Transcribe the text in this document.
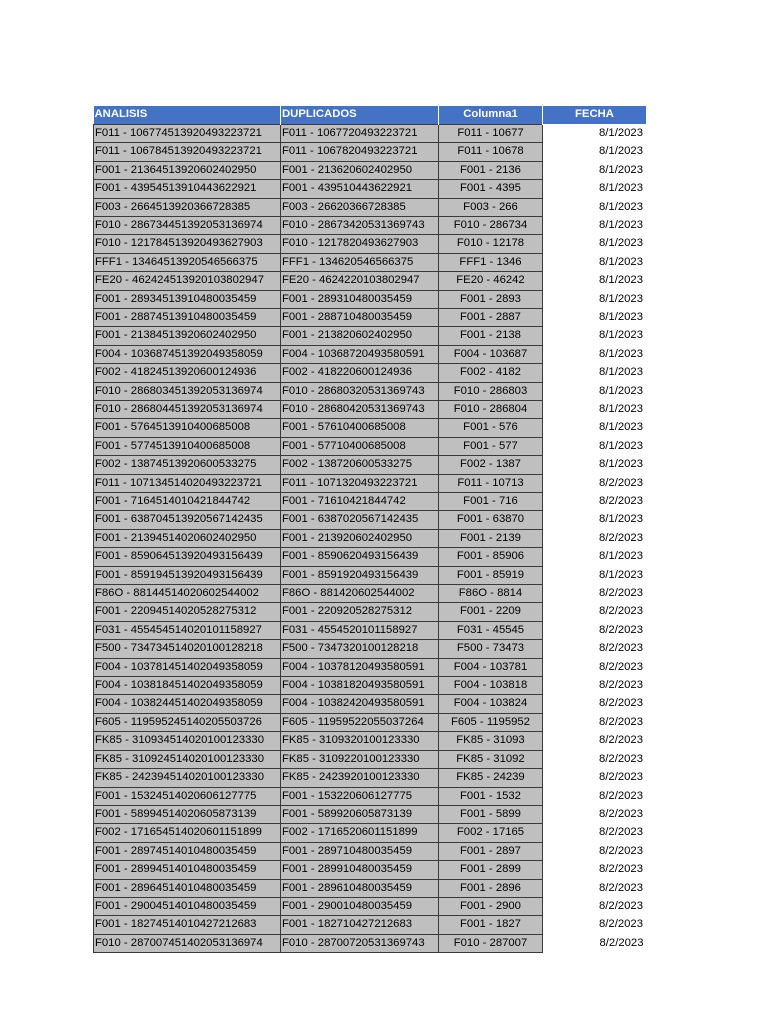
ANALISIS	DUPLICADOS	Columna1	FECHA
F011 - 106774513920493223721	F011 - 1067720493223721	F011 - 10677	8/1/2023
F011 - 106784513920493223721	F011 - 1067820493223721	F011 - 10678	8/1/2023
F001 - 21364513920602402950	F001 - 213620602402950	F001 - 2136	8/1/2023
F001 - 43954513910443622921	F001 - 439510443622921	F001 - 4395	8/1/2023
F003 - 2664513920366728385	F003 - 26620366728385	F003 - 266	8/1/2023
F010 - 286734451392053136974	F010 - 28673420531369743	F010 - 286734	8/1/2023
F010 - 121784513920493627903	F010 - 1217820493627903	F010 - 12178	8/1/2023
FFF1 - 13464513920546566375	FFF1 - 134620546566375	FFF1 - 1346	8/1/2023
FE20 - 462424513920103802947	FE20 - 4624220103802947	FE20 - 46242	8/1/2023
F001 - 28934513910480035459	F001 - 289310480035459	F001 - 2893	8/1/2023
F001 - 28874513910480035459	F001 - 288710480035459	F001 - 2887	8/1/2023
F001 - 21384513920602402950	F001 - 213820602402950	F001 - 2138	8/1/2023
F004 - 103687451392049358059	F004 - 10368720493580591	F004 - 103687	8/1/2023
F002 - 41824513920600124936	F002 - 418220600124936	F002 - 4182	8/1/2023
F010 - 286803451392053136974	F010 - 28680320531369743	F010 - 286803	8/1/2023
F010 - 286804451392053136974	F010 - 28680420531369743	F010 - 286804	8/1/2023
F001 - 5764513910400685008	F001 - 57610400685008	F001 - 576	8/1/2023
F001 - 5774513910400685008	F001 - 57710400685008	F001 - 577	8/1/2023
F002 - 13874513920600533275	F002 - 138720600533275	F002 - 1387	8/1/2023
F011 - 107134514020493223721	F011 - 1071320493223721	F011 - 10713	8/2/2023
F001 - 7164514010421844742	F001 - 71610421844742	F001 - 716	8/2/2023
F001 - 638704513920567142435	F001 - 6387020567142435	F001 - 63870	8/1/2023
F001 - 21394514020602402950	F001 - 213920602402950	F001 - 2139	8/2/2023
F001 - 859064513920493156439	F001 - 8590620493156439	F001 - 85906	8/1/2023
F001 - 859194513920493156439	F001 - 8591920493156439	F001 - 85919	8/1/2023
F86O - 88144514020602544002	F86O - 881420602544002	F86O - 8814	8/2/2023
F001 - 22094514020528275312	F001 - 220920528275312	F001 - 2209	8/2/2023
F031 - 455454514020101158927	F031 - 4554520101158927	F031 - 45545	8/2/2023
F500 - 734734514020100128218	F500 - 7347320100128218	F500 - 73473	8/2/2023
F004 - 103781451402049358059	F004 - 10378120493580591	F004 - 103781	8/2/2023
F004 - 103818451402049358059	F004 - 10381820493580591	F004 - 103818	8/2/2023
F004 - 103824451402049358059	F004 - 10382420493580591	F004 - 103824	8/2/2023
F605 - 119595245140205503726	F605 - 11959522055037264	F605 - 1195952	8/2/2023
FK85 - 310934514020100123330	FK85 - 3109320100123330	FK85 - 31093	8/2/2023
FK85 - 310924514020100123330	FK85 - 3109220100123330	FK85 - 31092	8/2/2023
FK85 - 242394514020100123330	FK85 - 2423920100123330	FK85 - 24239	8/2/2023
F001 - 15324514020606127775	F001 - 153220606127775	F001 - 1532	8/2/2023
F001 - 58994514020605873139	F001 - 589920605873139	F001 - 5899	8/2/2023
F002 - 171654514020601151899	F002 - 1716520601151899	F002 - 17165	8/2/2023
F001 - 28974514010480035459	F001 - 289710480035459	F001 - 2897	8/2/2023
F001 - 28994514010480035459	F001 - 289910480035459	F001 - 2899	8/2/2023
F001 - 28964514010480035459	F001 - 289610480035459	F001 - 2896	8/2/2023
F001 - 29004514010480035459	F001 - 290010480035459	F001 - 2900	8/2/2023
F001 - 18274514010427212683	F001 - 182710427212683	F001 - 1827	8/2/2023
F010 - 287007451402053136974	F010 - 28700720531369743	F010 - 287007	8/2/2023
